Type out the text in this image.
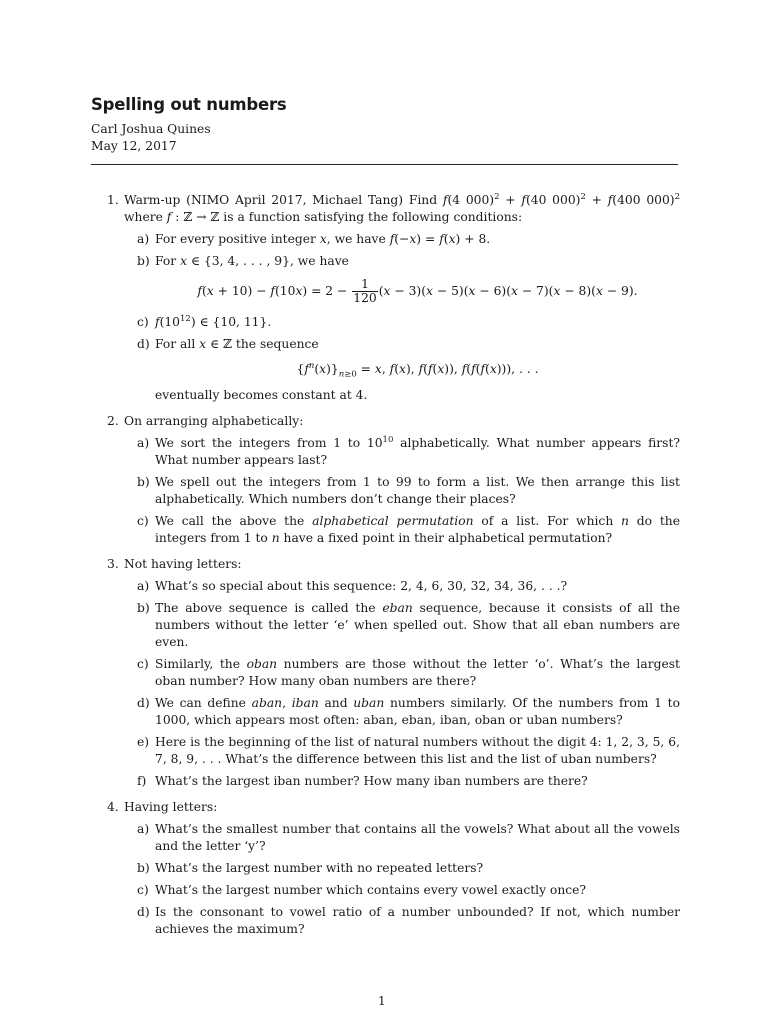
Spelling out numbers
Carl Joshua Quines
May 12, 2017
1. Warm-up (NIMO April 2017, Michael Tang) Find f(4 000)$^2$ + f(40 000)$^2$ + f(400 000)$^2$ where f : ℤ → ℤ is a function satisfying the following conditions:
a) For every positive integer x, we have f(−x) = f(x) + 8.
b) For x ∈ {3, 4, . . . , 9}, we have
$f(x + 10) - f(10x) = 2 - \frac{1}{120} (x - 3)(x - 5)(x - 6)(x - 7)(x - 8)(x - 9)$.
c) $f(10^{12})$ ∈ {10, 11}.
d) For all x ∈ ℤ the sequence
$\{f^n(x)\}_{n\ge 0} = x$, f(x), f(f(x)), f(f(f(x))), . . .
eventually becomes constant at 4.
2. On arranging alphabetically:
a) We sort the integers from 1 to $10^{10}$ alphabetically. What number appears first? What number appears last?
b) We spell out the integers from 1 to 99 to form a list. We then arrange this list alphabetically. Which numbers don’t change their places?
c) We call the above the alphabetical permutation of a list. For which n do the integers from 1 to n have a fixed point in their alphabetical permutation?
3. Not having letters:
a) What’s so special about this sequence: 2, 4, 6, 30, 32, 34, 36, . . .?
b) The above sequence is called the eban sequence, because it consists of all the numbers without the letter ‘e’ when spelled out. Show that all eban numbers are even.
c) Similarly, the oban numbers are those without the letter ‘o’. What’s the largest oban number? How many oban numbers are there?
d) We can define aban, iban and uban numbers similarly. Of the numbers from 1 to 1000, which appears most often: aban, eban, iban, oban or uban numbers?
e) Here is the beginning of the list of natural numbers without the digit 4: 1, 2, 3, 5, 6, 7, 8, 9, . . . What’s the difference between this list and the list of uban numbers?
f) What’s the largest iban number? How many iban numbers are there?
4. Having letters:
a) What’s the smallest number that contains all the vowels? What about all the vowels and the letter ‘y’?
b) What’s the largest number with no repeated letters?
c) What’s the largest number which contains every vowel exactly once?
d) Is the consonant to vowel ratio of a number unbounded? If not, which number achieves the maximum?
1
